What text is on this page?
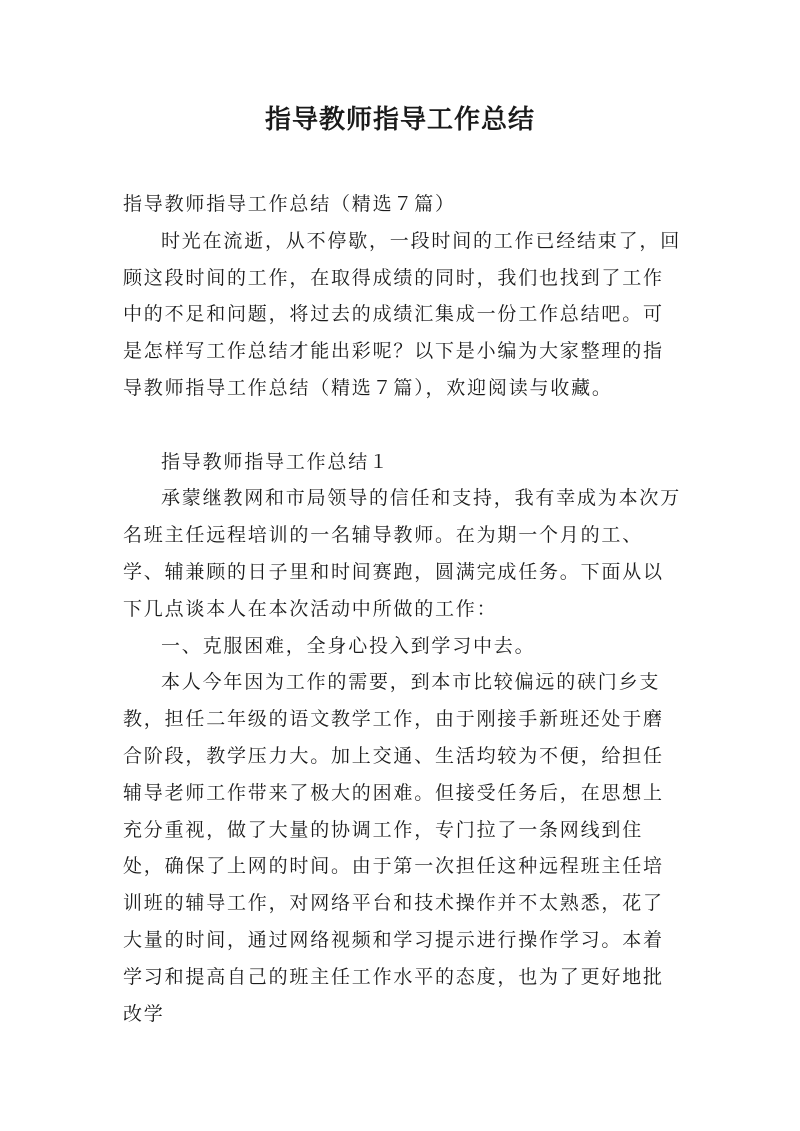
指导教师指导工作总结

指导教师指导工作总结（精选７篇）

时光在流逝，从不停歇，一段时间的工作已经结束了，回顾这段时间的工作，在取得成绩的同时，我们也找到了工作中的不足和问题，将过去的成绩汇集成一份工作总结吧。可是怎样写工作总结才能出彩呢？以下是小编为大家整理的指导教师指导工作总结（精选７篇），欢迎阅读与收藏。

指导教师指导工作总结１

承蒙继教网和市局领导的信任和支持，我有幸成为本次万名班主任远程培训的一名辅导教师。在为期一个月的工、学、辅兼顾的日子里和时间赛跑，圆满完成任务。下面从以下几点谈本人在本次活动中所做的工作：

一、克服困难，全身心投入到学习中去。

本人今年因为工作的需要，到本市比较偏远的硖门乡支教，担任二年级的语文教学工作，由于刚接手新班还处于磨合阶段，教学压力大。加上交通、生活均较为不便，给担任辅导老师工作带来了极大的困难。但接受任务后，在思想上充分重视，做了大量的协调工作，专门拉了一条网线到住处，确保了上网的时间。由于第一次担任这种远程班主任培训班的辅导工作，对网络平台和技术操作并不太熟悉，花了大量的时间，通过网络视频和学习提示进行操作学习。本着学习和提高自己的班主任工作水平的态度，也为了更好地批改学
